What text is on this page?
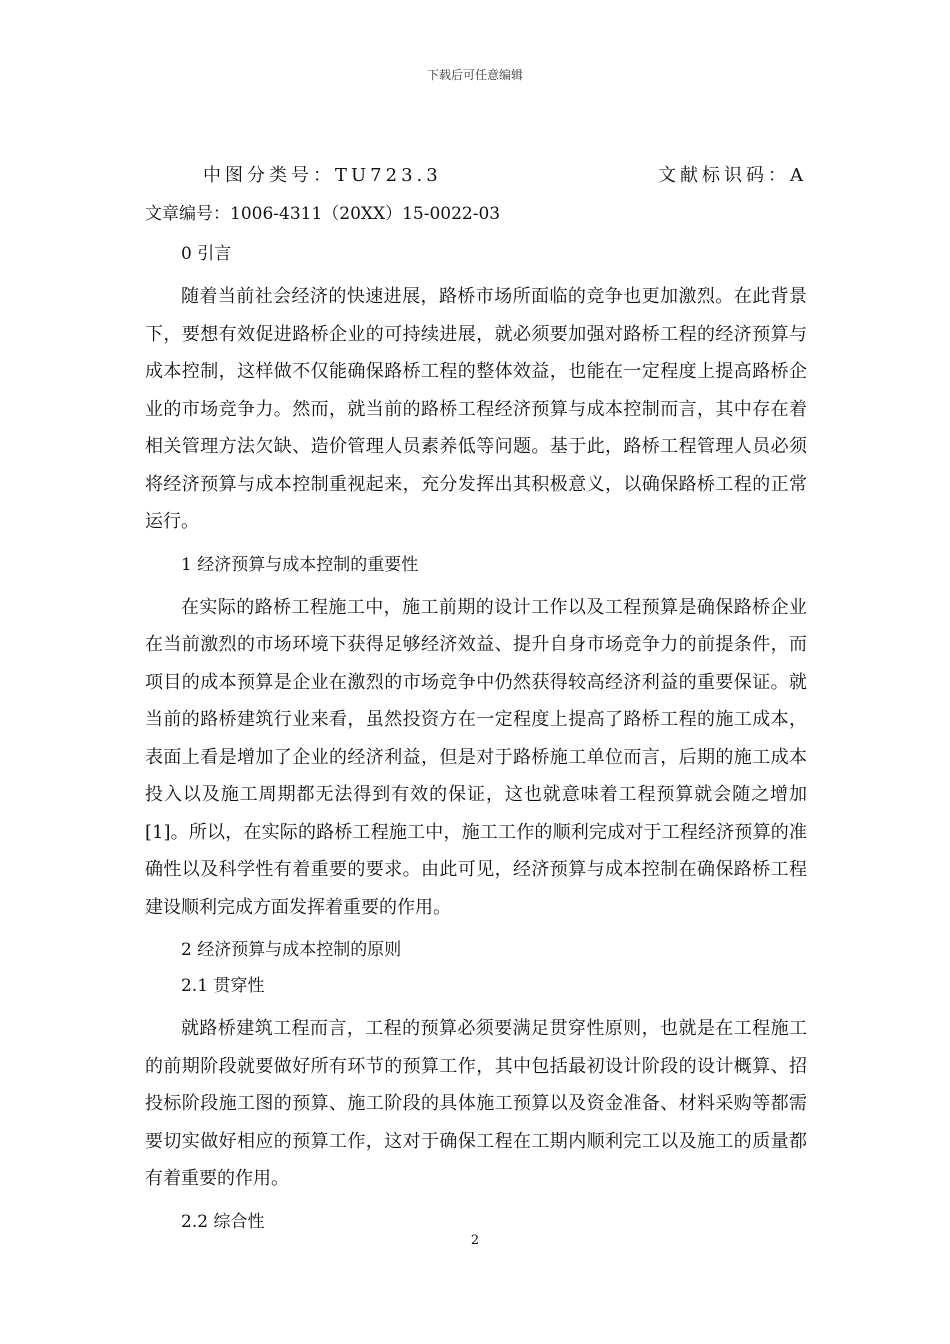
下载后可任意编辑
中图分类号：TU723.3	文献标识码：A
文章编号：1006-4311（20XX）15-0022-03
0 引言

随着当前社会经济的快速进展，路桥市场所面临的竞争也更加激烈。在此背景下，要想有效促进路桥企业的可持续进展，就必须要加强对路桥工程的经济预算与成本控制，这样做不仅能确保路桥工程的整体效益，也能在一定程度上提高路桥企业的市场竞争力。然而，就当前的路桥工程经济预算与成本控制而言，其中存在着相关管理方法欠缺、造价管理人员素养低等问题。基于此，路桥工程管理人员必须将经济预算与成本控制重视起来，充分发挥出其积极意义，以确保路桥工程的正常运行。

1 经济预算与成本控制的重要性

在实际的路桥工程施工中，施工前期的设计工作以及工程预算是确保路桥企业在当前激烈的市场环境下获得足够经济效益、提升自身市场竞争力的前提条件，而项目的成本预算是企业在激烈的市场竞争中仍然获得较高经济利益的重要保证。就当前的路桥建筑行业来看，虽然投资方在一定程度上提高了路桥工程的施工成本，表面上看是增加了企业的经济利益，但是对于路桥施工单位而言，后期的施工成本投入以及施工周期都无法得到有效的保证，这也就意味着工程预算就会随之增加[1]。所以，在实际的路桥工程施工中，施工工作的顺利完成对于工程经济预算的准确性以及科学性有着重要的要求。由此可见，经济预算与成本控制在确保路桥工程建设顺利完成方面发挥着重要的作用。

2 经济预算与成本控制的原则
2.1 贯穿性

就路桥建筑工程而言，工程的预算必须要满足贯穿性原则，也就是在工程施工的前期阶段就要做好所有环节的预算工作，其中包括最初设计阶段的设计概算、招投标阶段施工图的预算、施工阶段的具体施工预算以及资金准备、材料采购等都需要切实做好相应的预算工作，这对于确保工程在工期内顺利完工以及施工的质量都有着重要的作用。

2.2 综合性
2
